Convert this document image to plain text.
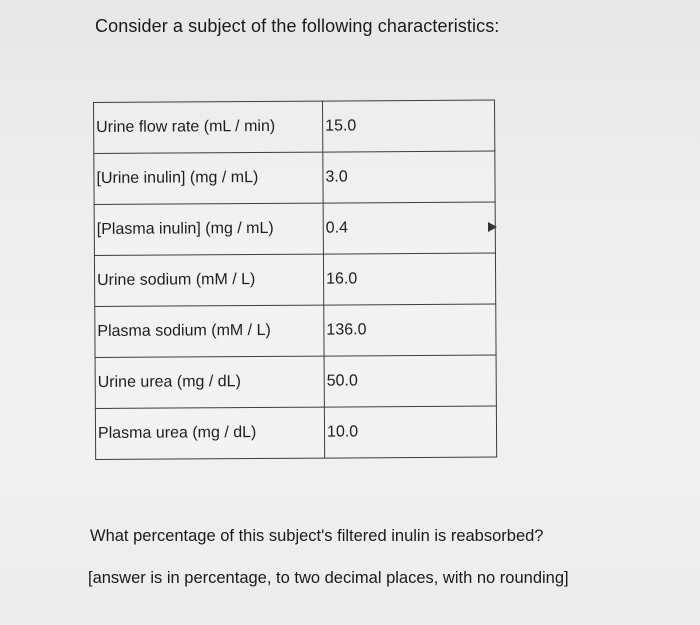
Consider a subject of the following characteristics:
Urine flow rate (mL / min)	15.0
[Urine inulin] (mg / mL)	3.0
[Plasma inulin] (mg / mL)	0.4
Urine sodium (mM / L)	16.0
Plasma sodium (mM / L)	136.0
Urine urea (mg / dL)	50.0
Plasma urea (mg / dL)	10.0
What percentage of this subject's filtered inulin is reabsorbed?
[answer is in percentage, to two decimal places, with no rounding]
